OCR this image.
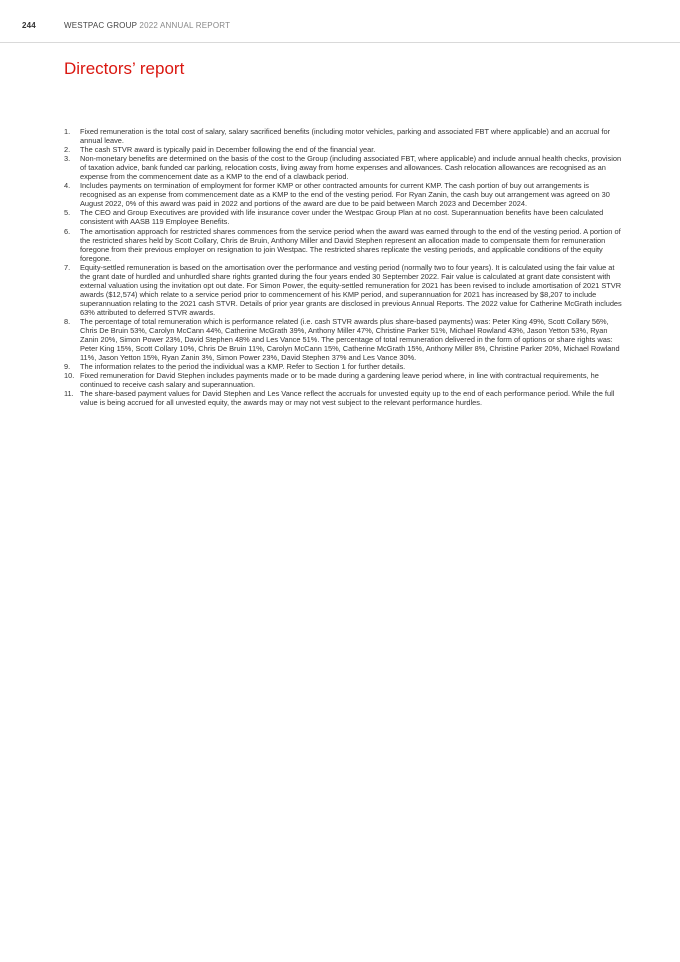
244	WESTPAC GROUP 2022 ANNUAL REPORT
Directors’ report
1.	Fixed remuneration is the total cost of salary, salary sacrificed benefits (including motor vehicles, parking and associated FBT where applicable) and an accrual for annual leave.
2.	The cash STVR award is typically paid in December following the end of the financial year.
3.	Non-monetary benefits are determined on the basis of the cost to the Group (including associated FBT, where applicable) and include annual health checks, provision of taxation advice, bank funded car parking, relocation costs, living away from home expenses and allowances. Cash relocation allowances are recognised as an expense from the commencement date as a KMP to the end of a clawback period.
4.	Includes payments on termination of employment for former KMP or other contracted amounts for current KMP. The cash portion of buy out arrangements is recognised as an expense from commencement date as a KMP to the end of the vesting period. For Ryan Zanin, the cash buy out arrangement was agreed on 30 August 2022, 0% of this award was paid in 2022 and portions of the award are due to be paid between March 2023 and December 2024.
5.	The CEO and Group Executives are provided with life insurance cover under the Westpac Group Plan at no cost. Superannuation benefits have been calculated consistent with AASB 119 Employee Benefits.
6.	The amortisation approach for restricted shares commences from the service period when the award was earned through to the end of the vesting period. A portion of the restricted shares held by Scott Collary, Chris de Bruin, Anthony Miller and David Stephen represent an allocation made to compensate them for remuneration foregone from their previous employer on resignation to join Westpac. The restricted shares replicate the vesting periods, and applicable conditions of the equity foregone.
7.	Equity-settled remuneration is based on the amortisation over the performance and vesting period (normally two to four years). It is calculated using the fair value at the grant date of hurdled and unhurdled share rights granted during the four years ended 30 September 2022. Fair value is calculated at grant date consistent with external valuation using the invitation opt out date. For Simon Power, the equity-settled remuneration for 2021 has been revised to include amortisation of 2021 STVR awards ($12,574) which relate to a service period prior to commencement of his KMP period, and superannuation for 2021 has increased by $8,207 to include superannuation relating to the 2021 cash STVR. Details of prior year grants are disclosed in previous Annual Reports. The 2022 value for Catherine McGrath includes 63% attributed to deferred STVR awards.
8.	The percentage of total remuneration which is performance related (i.e. cash STVR awards plus share-based payments) was: Peter King 49%, Scott Collary 56%, Chris De Bruin 53%, Carolyn McCann 44%, Catherine McGrath 39%, Anthony Miller 47%, Christine Parker 51%, Michael Rowland 43%, Jason Yetton 53%, Ryan Zanin 20%, Simon Power 23%, David Stephen 48% and Les Vance 51%. The percentage of total remuneration delivered in the form of options or share rights was: Peter King 15%, Scott Collary 10%, Chris De Bruin 11%, Carolyn McCann 15%, Catherine McGrath 15%, Anthony Miller 8%, Christine Parker 20%, Michael Rowland 11%, Jason Yetton 15%, Ryan Zanin 3%, Simon Power 23%, David Stephen 37% and Les Vance 30%.
9.	The information relates to the period the individual was a KMP. Refer to Section 1 for further details.
10. Fixed remuneration for David Stephen includes payments made or to be made during a gardening leave period where, in line with contractual requirements, he continued to receive cash salary and superannuation.
11. The share-based payment values for David Stephen and Les Vance reflect the accruals for unvested equity up to the end of each performance period. While the full value is being accrued for all unvested equity, the awards may or may not vest subject to the relevant performance hurdles.
